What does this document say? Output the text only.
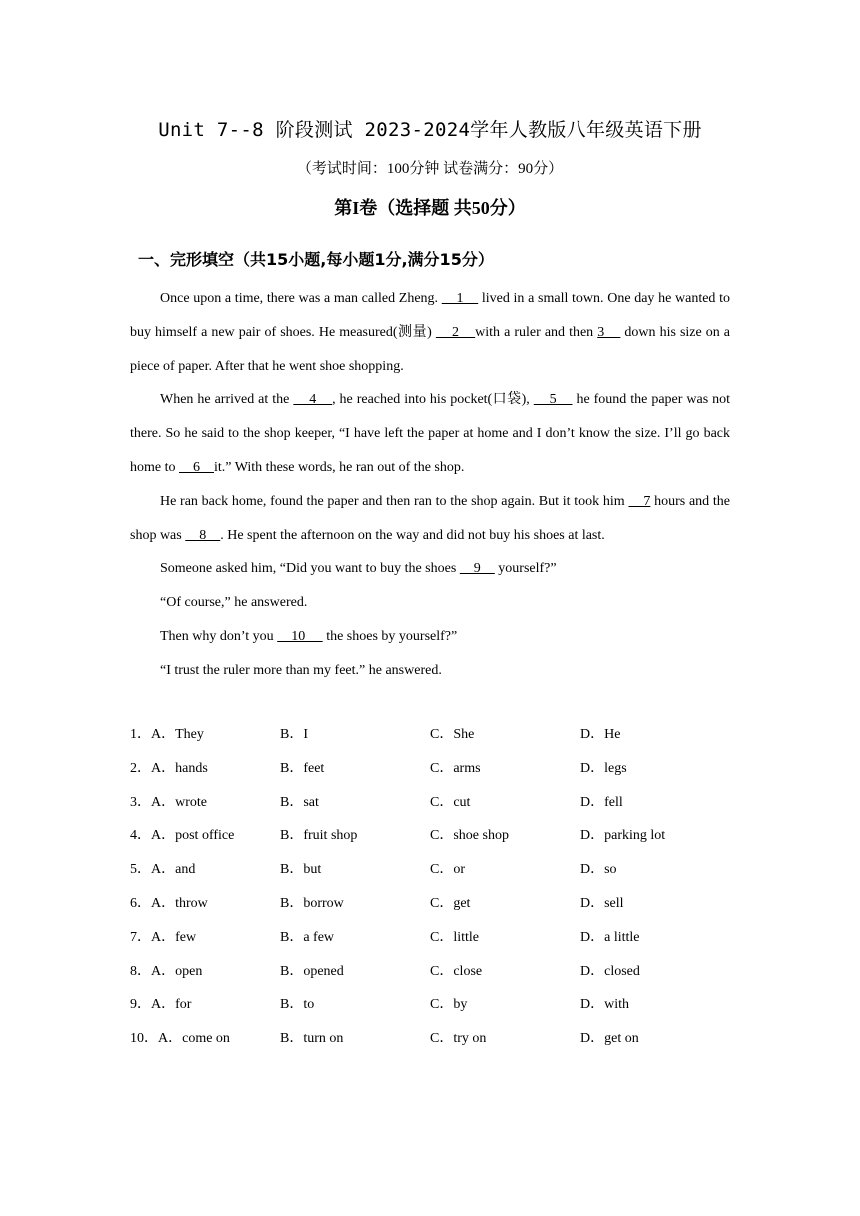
Unit 7--8 阶段测试 2023-2024学年人教版八年级英语下册
（考试时间：100分钟 试卷满分：90分）
第I卷（选择题 共50分）
一、完形填空（共15小题,每小题1分,满分15分）

Once upon a time, there was a man called Zheng.     1     lived in a small town. One day he wanted to buy himself a new pair of shoes. He measured(测量)     2    with a ruler and then 3     down his size on a piece of paper. After that he went shoe shopping.

When he arrived at the     4    , he reached into his pocket(口袋),     5     he found the paper was not there. So he said to the shop keeper, “I have left the paper at home and I don’t know the size. I’ll go back home to     6    it.” With these words, he ran out of the shop.

He ran back home, found the paper and then ran to the shop again. But it took him     7 hours and the shop was     8    . He spent the afternoon on the way and did not buy his shoes at last.

Someone asked him, “Did you want to buy the shoes     9     yourself?”

“Of course,” he answered.

Then why don’t you     10      the shoes by yourself?”

“I trust the ruler more than my feet.” he answered.

1．A．They	B．I	C．She	D．He
2．A．hands	B．feet	C．arms	D．legs
3．A．wrote	B．sat	C．cut	D．fell
4．A．post office	B．fruit shop	C．shoe shop	D．parking lot
5．A．and	B．but	C．or	D．so
6．A．throw	B．borrow	C．get	D．sell
7．A．few	B．a few	C．little	D．a little
8．A．open	B．opened	C．close	D．closed
9．A．for	B．to	C．by	D．with
10．A．come on	B．turn on	C．try on	D．get on
